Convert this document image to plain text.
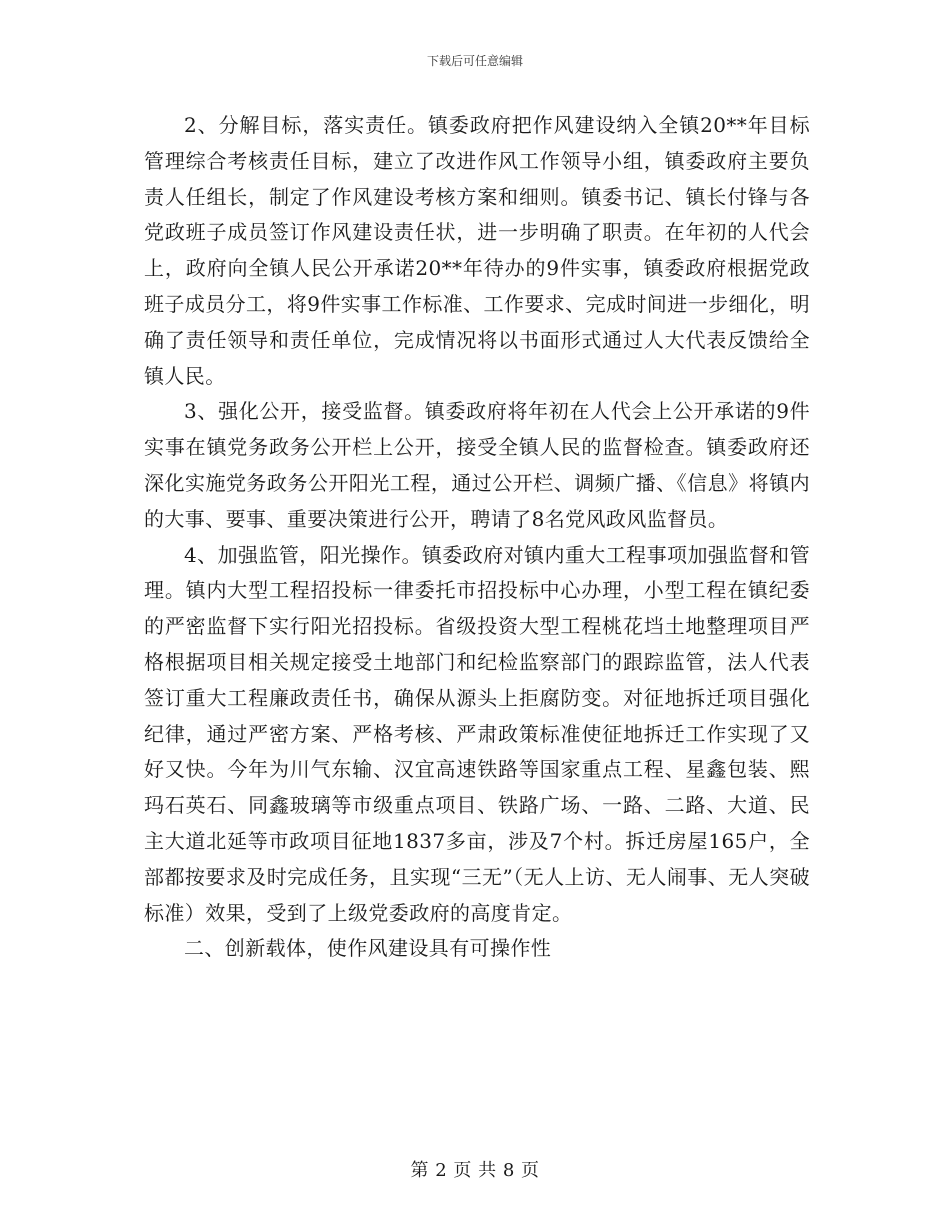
下载后可任意编辑

2、分解目标，落实责任。镇委政府把作风建设纳入全镇20**年目标管理综合考核责任目标，建立了改进作风工作领导小组，镇委政府主要负责人任组长，制定了作风建设考核方案和细则。镇委书记、镇长付锋与各党政班子成员签订作风建设责任状，进一步明确了职责。在年初的人代会上，政府向全镇人民公开承诺20**年待办的9件实事，镇委政府根据党政班子成员分工，将9件实事工作标准、工作要求、完成时间进一步细化，明确了责任领导和责任单位，完成情况将以书面形式通过人大代表反馈给全镇人民。

3、强化公开，接受监督。镇委政府将年初在人代会上公开承诺的9件实事在镇党务政务公开栏上公开，接受全镇人民的监督检查。镇委政府还深化实施党务政务公开阳光工程，通过公开栏、调频广播、《信息》将镇内的大事、要事、重要决策进行公开，聘请了8名党风政风监督员。

4、加强监管，阳光操作。镇委政府对镇内重大工程事项加强监督和管理。镇内大型工程招投标一律委托市招投标中心办理，小型工程在镇纪委的严密监督下实行阳光招投标。省级投资大型工程桃花垱土地整理项目严格根据项目相关规定接受土地部门和纪检监察部门的跟踪监管，法人代表签订重大工程廉政责任书，确保从源头上拒腐防变。对征地拆迁项目强化纪律，通过严密方案、严格考核、严肃政策标准使征地拆迁工作实现了又好又快。今年为川气东输、汉宜高速铁路等国家重点工程、星鑫包装、熙玛石英石、同鑫玻璃等市级重点项目、铁路广场、一路、二路、大道、民主大道北延等市政项目征地1837多亩，涉及7个村。拆迁房屋165户，全部都按要求及时完成任务，且实现“三无”（无人上访、无人闹事、无人突破标准）效果，受到了上级党委政府的高度肯定。

二、创新载体，使作风建设具有可操作性

第 2 页 共 8 页
